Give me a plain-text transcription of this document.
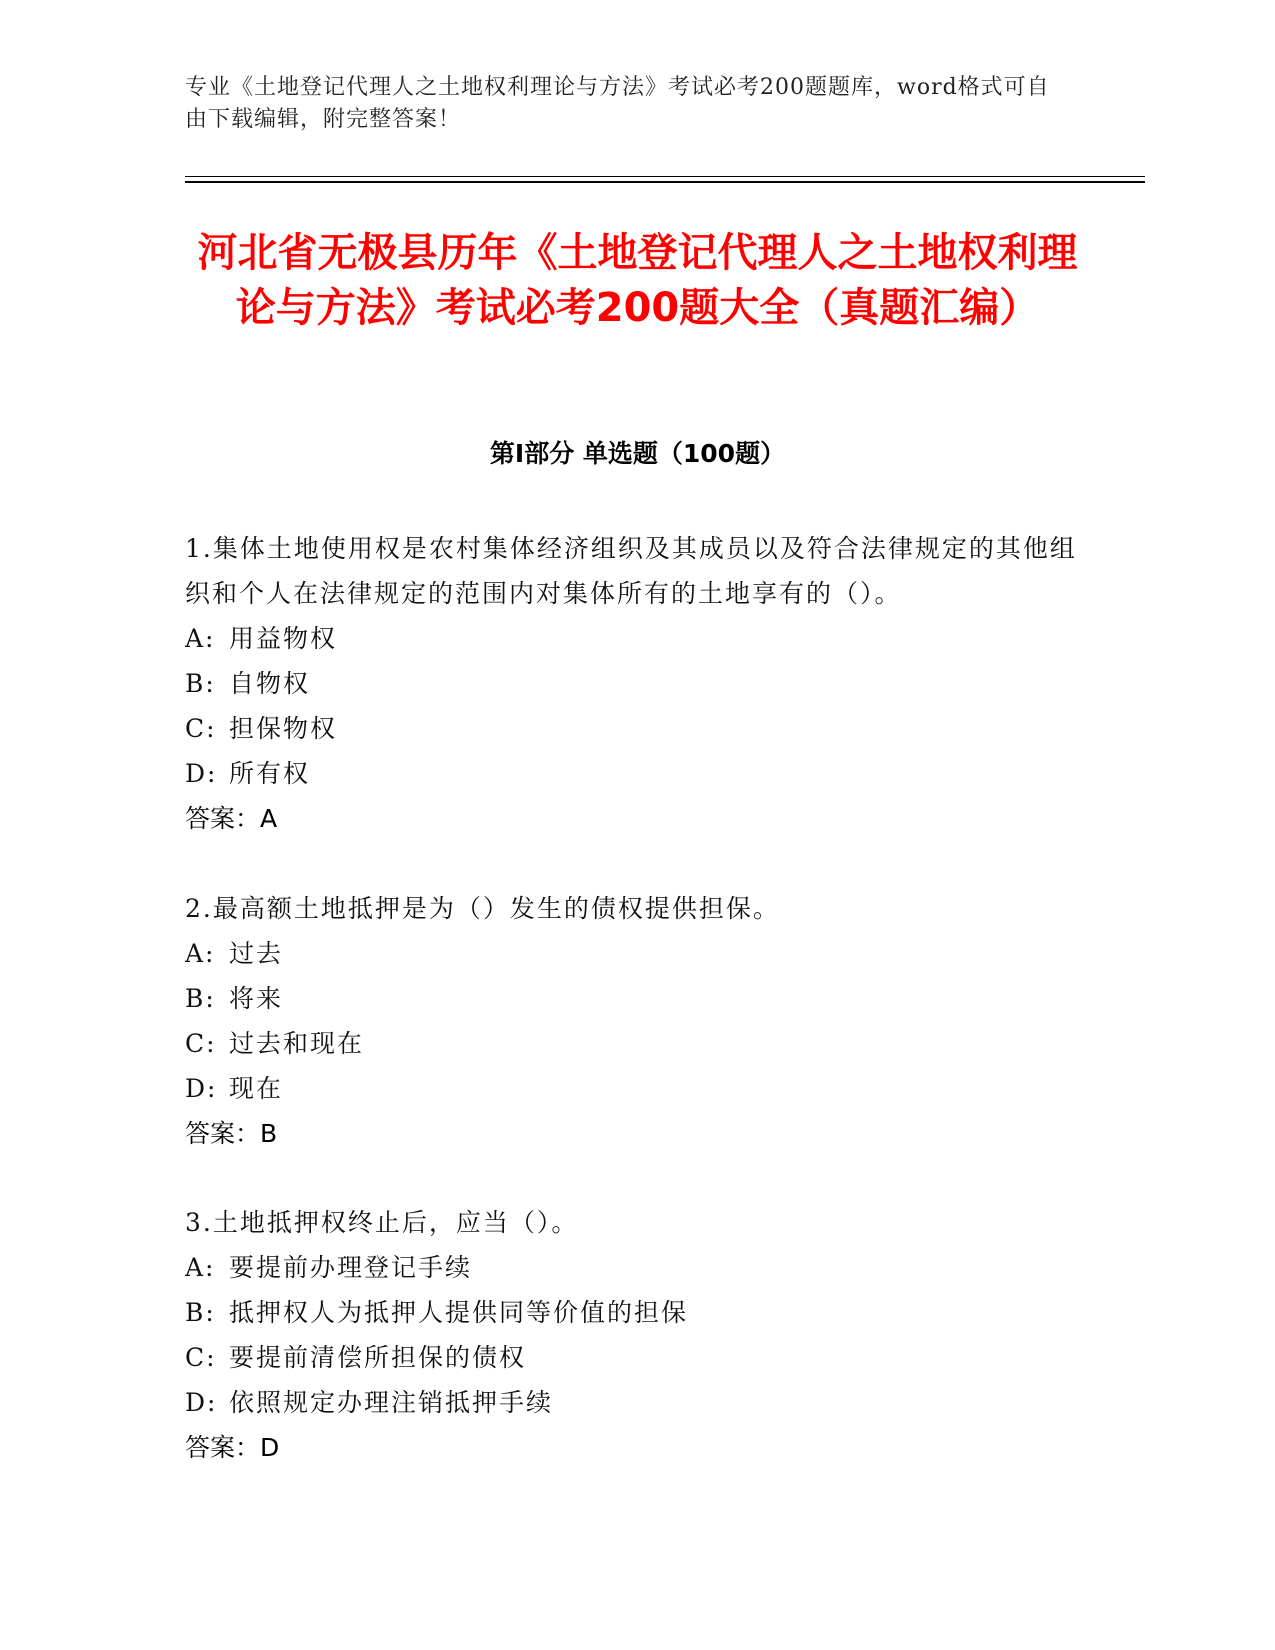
专业《土地登记代理人之土地权利理论与方法》考试必考200题题库，word格式可自由下载编辑，附完整答案！
河北省无极县历年《土地登记代理人之土地权利理论与方法》考试必考200题大全（真题汇编）
第Ⅰ部分 单选题（100题）
1.集体土地使用权是农村集体经济组织及其成员以及符合法律规定的其他组织和个人在法律规定的范围内对集体所有的土地享有的（）。
A: 用益物权
B: 自物权
C: 担保物权
D: 所有权
答案：A
2.最高额土地抵押是为（）发生的债权提供担保。
A: 过去
B: 将来
C: 过去和现在
D: 现在
答案：B
3.土地抵押权终止后，应当（）。
A: 要提前办理登记手续
B: 抵押权人为抵押人提供同等价值的担保
C: 要提前清偿所担保的债权
D: 依照规定办理注销抵押手续
答案：D
